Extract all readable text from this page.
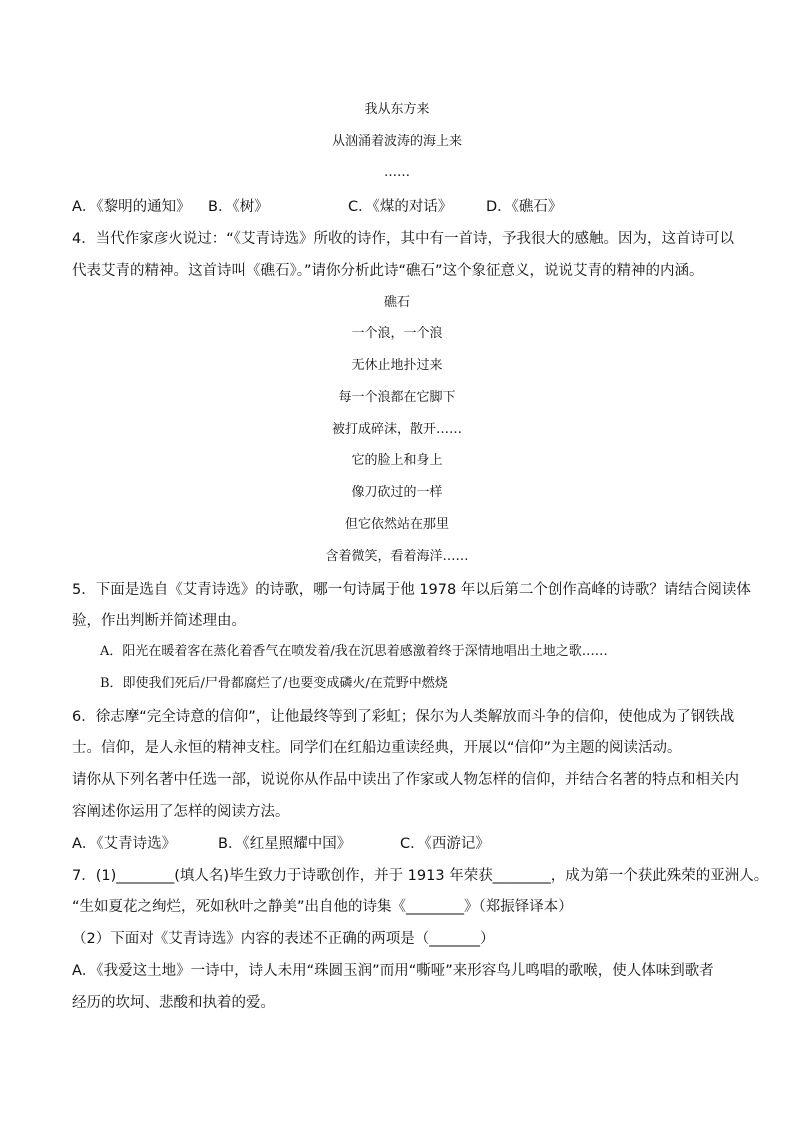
我从东方来
从汹涌着波涛的海上来
……
A．《黎明的通知》 B．《树》	C．《煤的对话》 D．《礁石》
4．当代作家彦火说过：“《艾青诗选》所收的诗作，其中有一首诗，予我很大的感触。因为，这首诗可以
代表艾青的精神。这首诗叫《礁石》。”请你分析此诗“礁石”这个象征意义，说说艾青的精神的内涵。
礁石
一个浪，一个浪
无休止地扑过来
每一个浪都在它脚下
被打成碎沫，散开……
它的脸上和身上
像刀砍过的一样
但它依然站在那里
含着微笑，看着海洋……
5．下面是选自《艾青诗选》的诗歌，哪一句诗属于他 1978 年以后第二个创作高峰的诗歌？请结合阅读体
验，作出判断并简述理由。
A．阳光在暖着客在蒸化着香气在喷发着/我在沉思着感激着终于深情地唱出土地之歌……
B．即使我们死后/尸骨都腐烂了/也要变成磷火/在荒野中燃烧
6．徐志摩“完全诗意的信仰”，让他最终等到了彩虹；保尔为人类解放而斗争的信仰，使他成为了钢铁战
士。信仰，是人永恒的精神支柱。同学们在红船边重读经典，开展以“信仰”为主题的阅读活动。
请你从下列名著中任选一部，说说你从作品中读出了作家或人物怎样的信仰，并结合名著的特点和相关内
容阐述你运用了怎样的阅读方法。
A．《艾青诗选》	B．《红星照耀中国》	C．《西游记》
7．(1)________(填人名)毕生致力于诗歌创作，并于 1913 年荣获________，成为第一个获此殊荣的亚洲人。
“生如夏花之绚烂，死如秋叶之静美”出自他的诗集《________》（郑振铎译本）
（2）下面对《艾青诗选》内容的表述不正确的两项是（_______）
A．《我爱这土地》一诗中，诗人未用“珠圆玉润”而用“嘶哑”来形容鸟儿鸣唱的歌喉，使人体味到歌者
经历的坎坷、悲酸和执着的爱。
